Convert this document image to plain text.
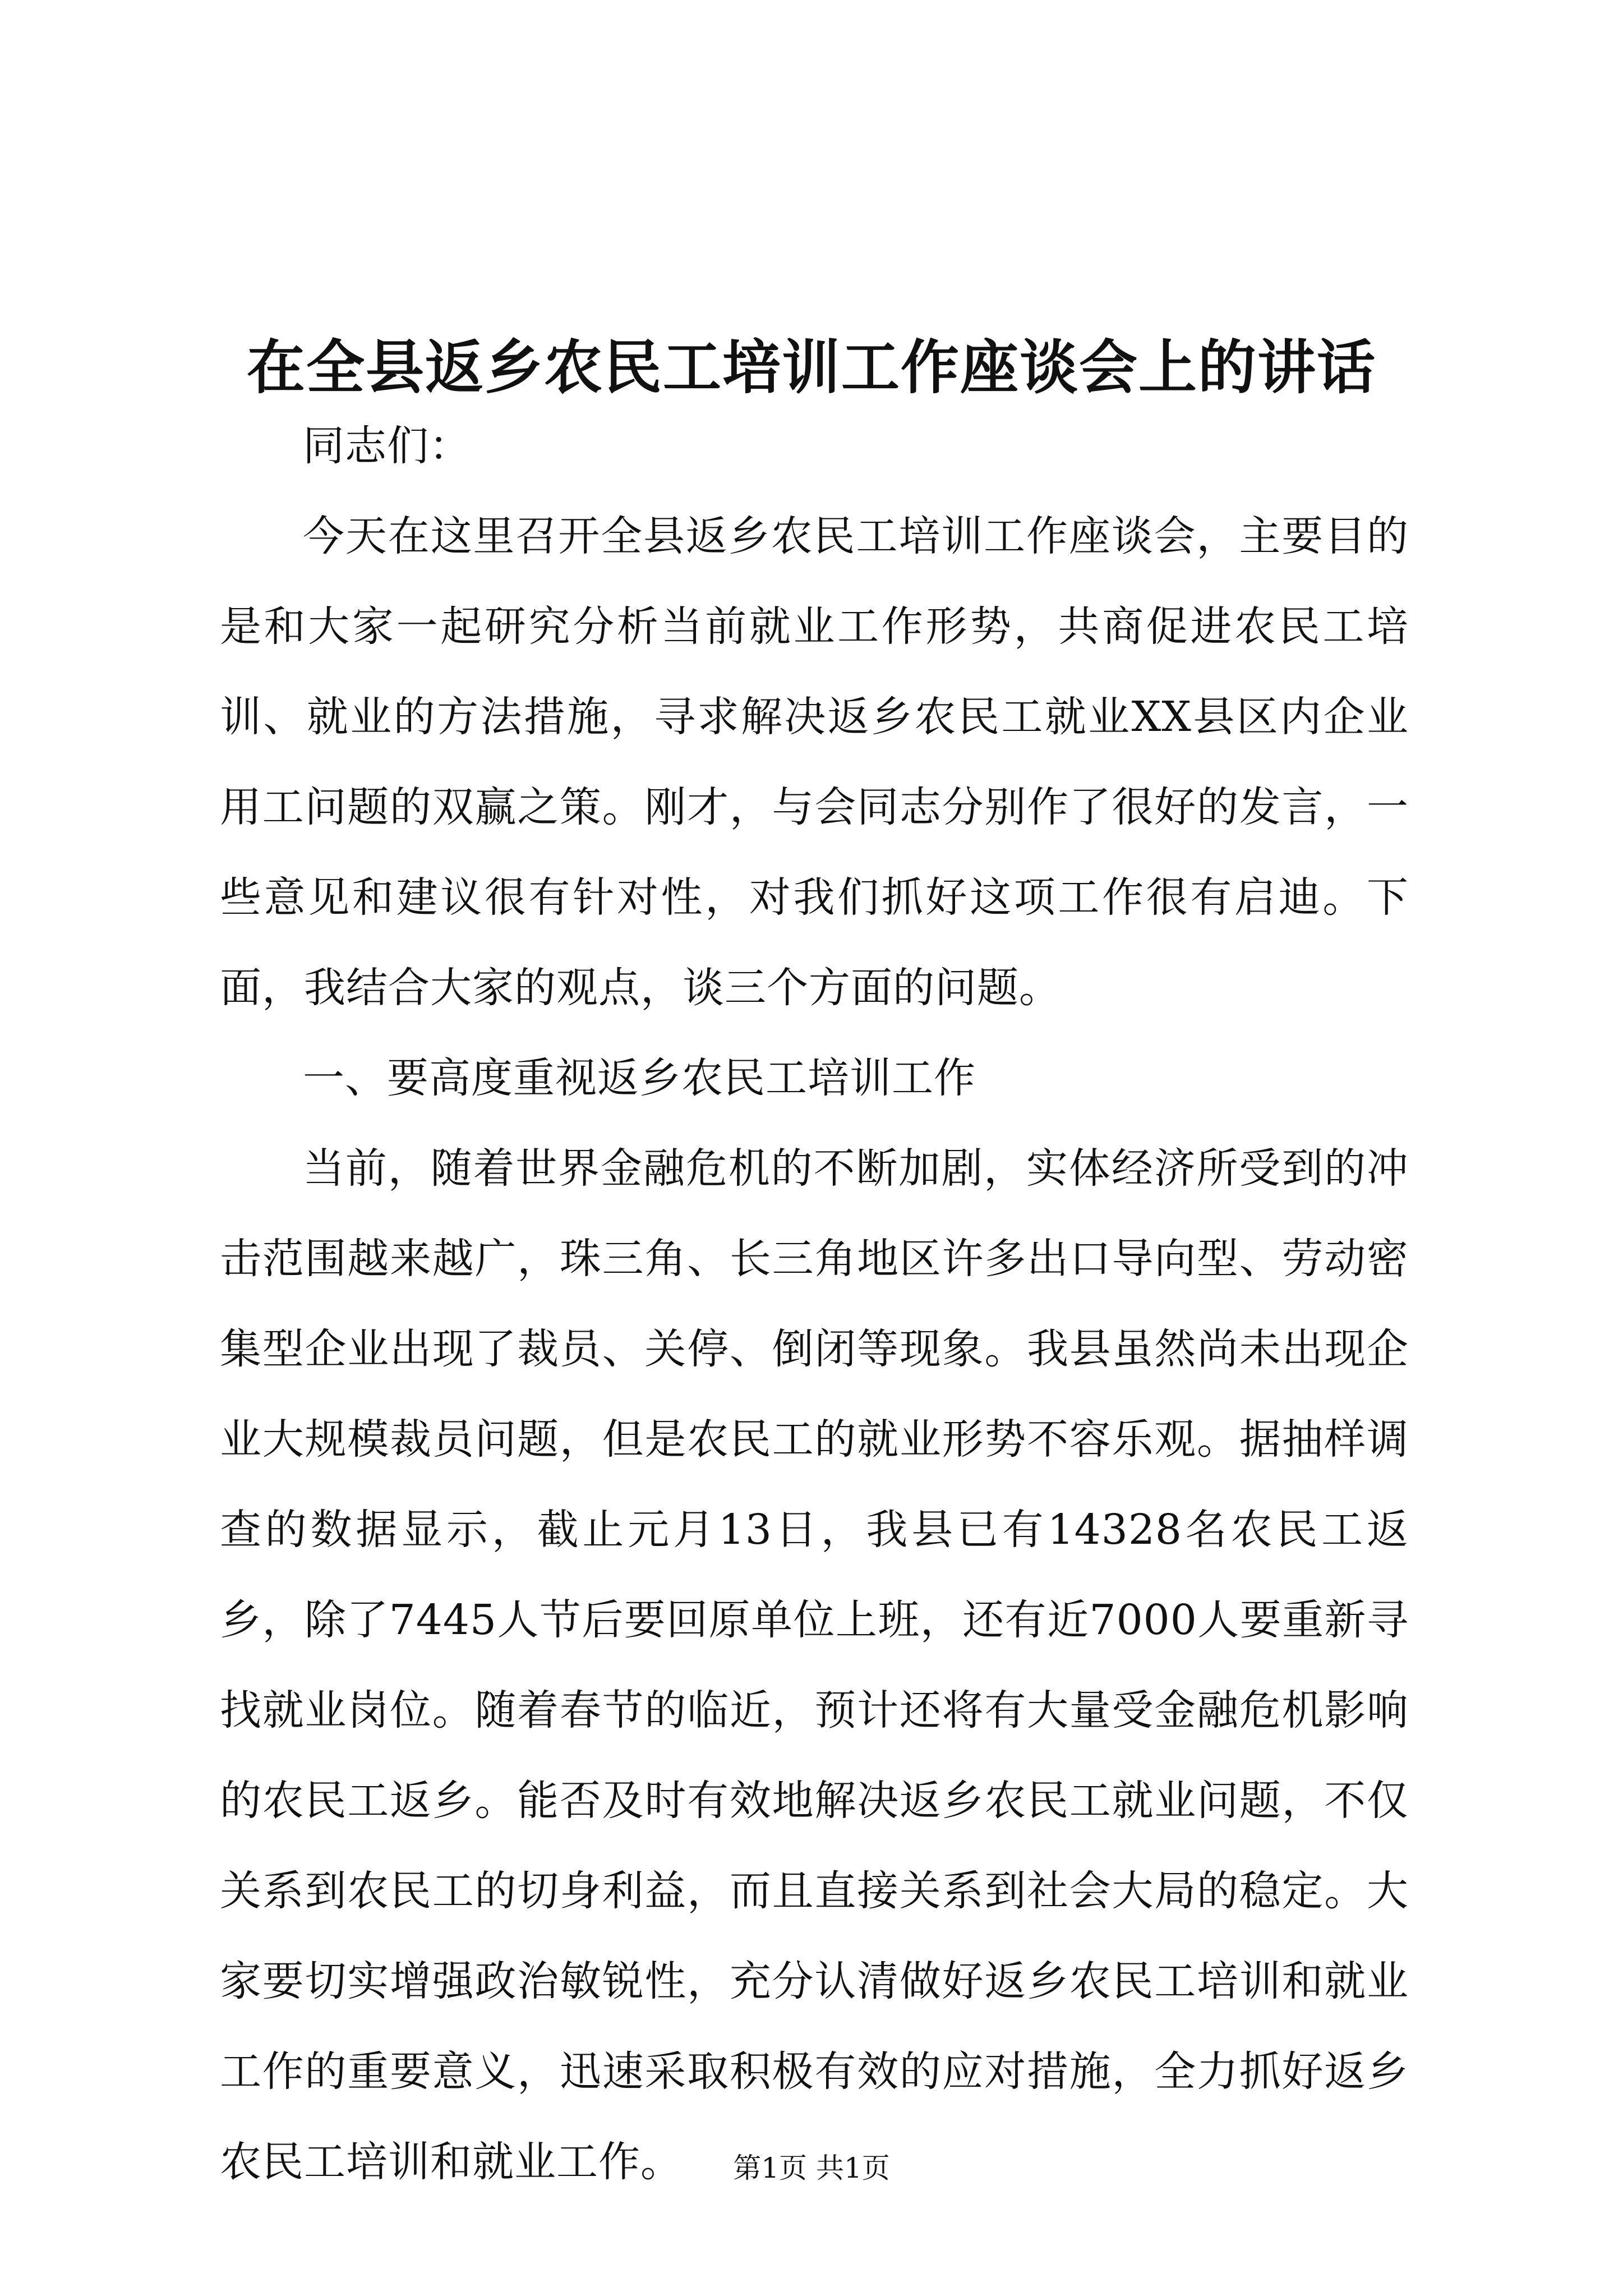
在全县返乡农民工培训工作座谈会上的讲话

同志们：

今天在这里召开全县返乡农民工培训工作座谈会，主要目的是和大家一起研究分析当前就业工作形势，共商促进农民工培训、就业的方法措施，寻求解决返乡农民工就业XX县区内企业用工问题的双赢之策。刚才，与会同志分别作了很好的发言，一些意见和建议很有针对性，对我们抓好这项工作很有启迪。下面，我结合大家的观点，谈三个方面的问题。

一、要高度重视返乡农民工培训工作

当前，随着世界金融危机的不断加剧，实体经济所受到的冲击范围越来越广，珠三角、长三角地区许多出口导向型、劳动密集型企业出现了裁员、关停、倒闭等现象。我县虽然尚未出现企业大规模裁员问题，但是农民工的就业形势不容乐观。据抽样调查的数据显示，截止元月13日，我县已有14328名农民工返乡，除了7445人节后要回原单位上班，还有近7000人要重新寻找就业岗位。随着春节的临近，预计还将有大量受金融危机影响的农民工返乡。能否及时有效地解决返乡农民工就业问题，不仅关系到农民工的切身利益，而且直接关系到社会大局的稳定。大家要切实增强政治敏锐性，充分认清做好返乡农民工培训和就业工作的重要意义，迅速采取积极有效的应对措施，全力抓好返乡农民工培训和就业工作。	第1页 共1页
